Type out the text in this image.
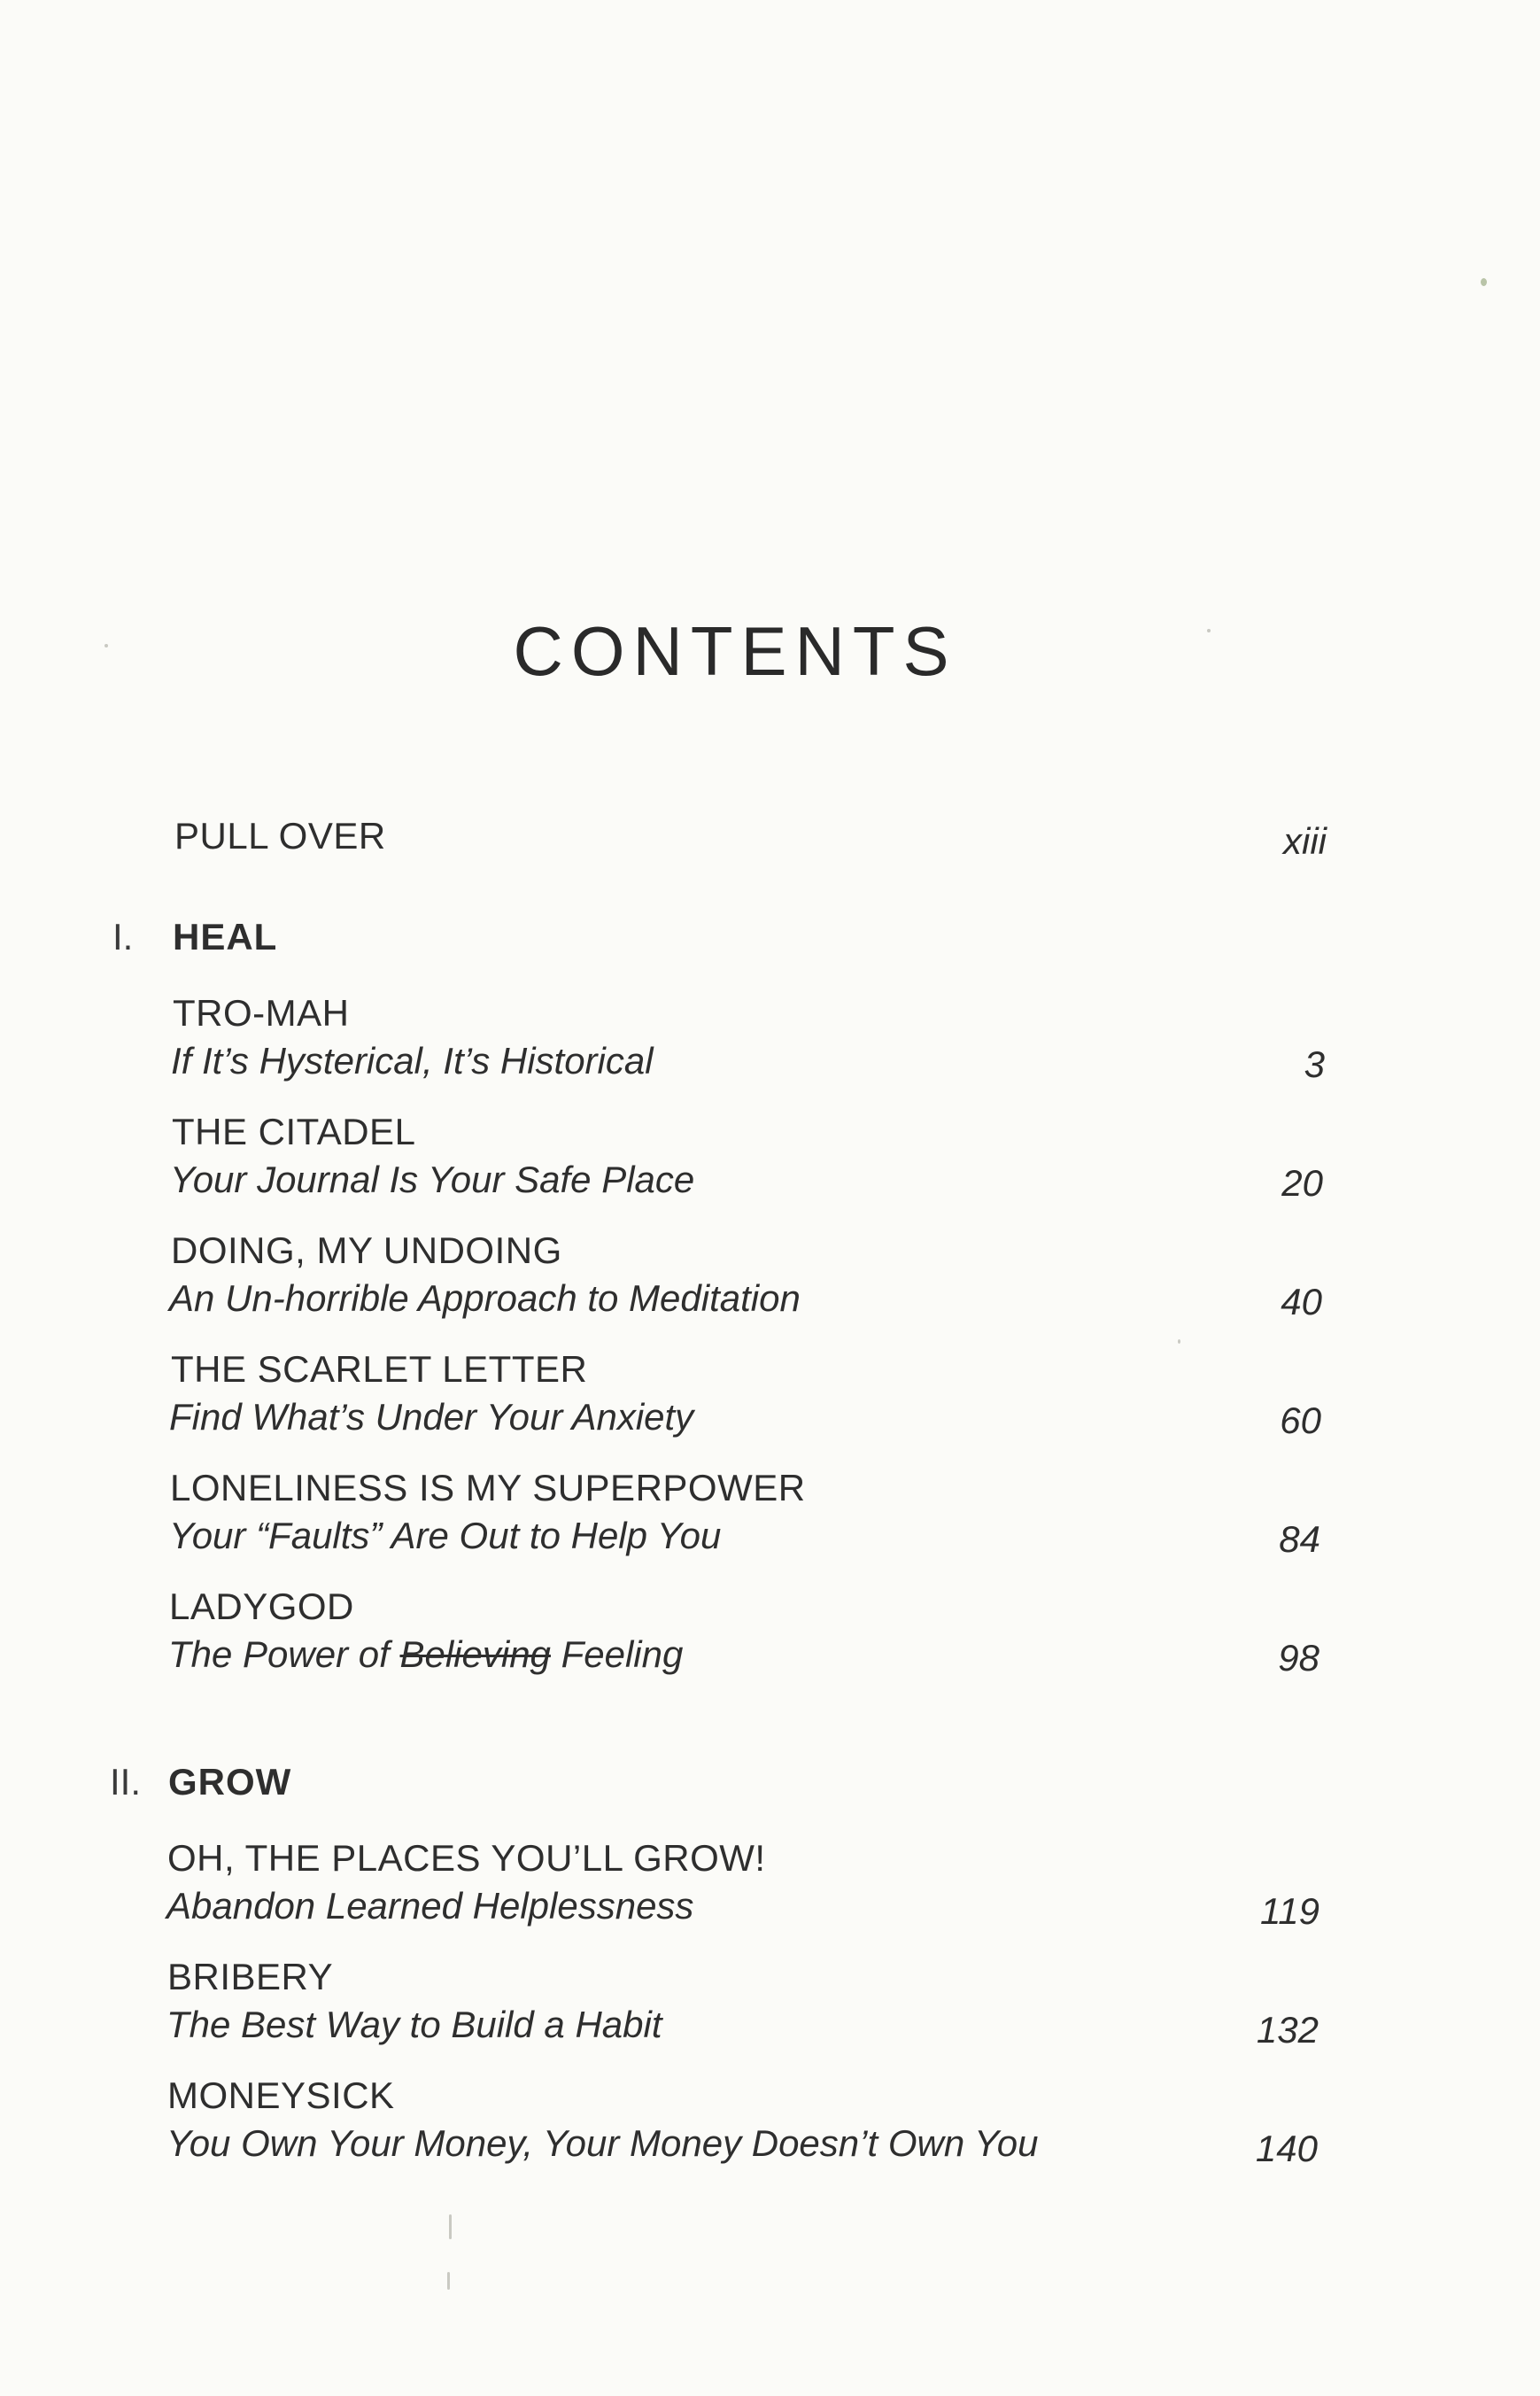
CONTENTS
PULL OVER	xiii
I. HEAL
TRO-MAH
If It’s Hysterical, It’s Historical	3
THE CITADEL
Your Journal Is Your Safe Place	20
DOING, MY UNDOING
An Un-horrible Approach to Meditation	40
THE SCARLET LETTER
Find What’s Under Your Anxiety	60
LONELINESS IS MY SUPERPOWER
Your “Faults” Are Out to Help You	84
LADYGOD
The Power of Believing Feeling	98
II. GROW
OH, THE PLACES YOU’LL GROW!
Abandon Learned Helplessness	119
BRIBERY
The Best Way to Build a Habit	132
MONEYSICK
You Own Your Money, Your Money Doesn’t Own You	140
